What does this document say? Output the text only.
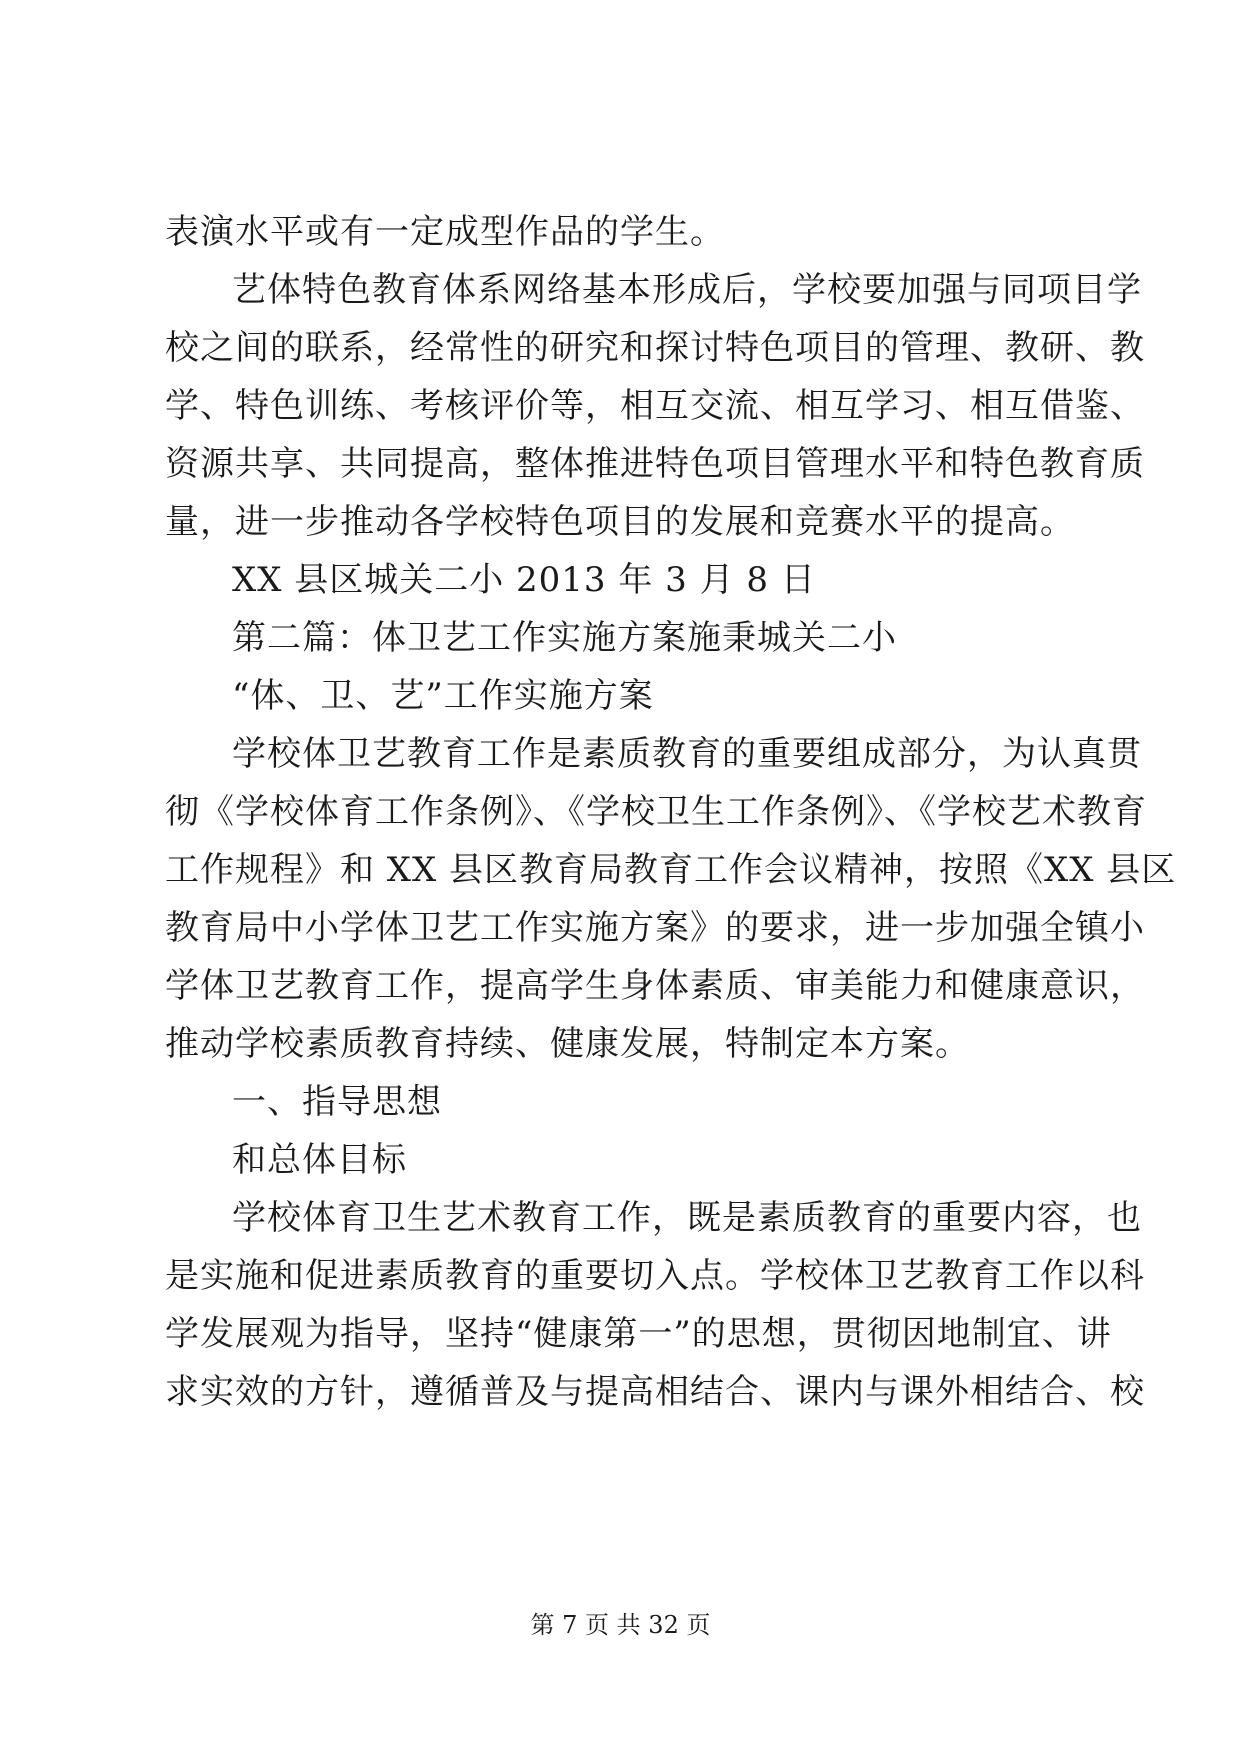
表演水平或有一定成型作品的学生。
艺体特色教育体系网络基本形成后，学校要加强与同项目学
校之间的联系，经常性的研究和探讨特色项目的管理、教研、教
学、特色训练、考核评价等，相互交流、相互学习、相互借鉴、
资源共享、共同提高，整体推进特色项目管理水平和特色教育质
量，进一步推动各学校特色项目的发展和竞赛水平的提高。
XX 县区城关二小 2013 年 3 月 8 日
第二篇：体卫艺工作实施方案施秉城关二小
“体、卫、艺”工作实施方案
学校体卫艺教育工作是素质教育的重要组成部分，为认真贯
彻《学校体育工作条例》、《学校卫生工作条例》、《学校艺术教育
工作规程》和 XX 县区教育局教育工作会议精神，按照《XX 县区
教育局中小学体卫艺工作实施方案》的要求，进一步加强全镇小
学体卫艺教育工作，提高学生身体素质、审美能力和健康意识，
推动学校素质教育持续、健康发展，特制定本方案。
一、指导思想
和总体目标
学校体育卫生艺术教育工作，既是素质教育的重要内容，也
是实施和促进素质教育的重要切入点。学校体卫艺教育工作以科
学发展观为指导，坚持“健康第一”的思想，贯彻因地制宜、讲
求实效的方针，遵循普及与提高相结合、课内与课外相结合、校
第 7 页 共 32 页
